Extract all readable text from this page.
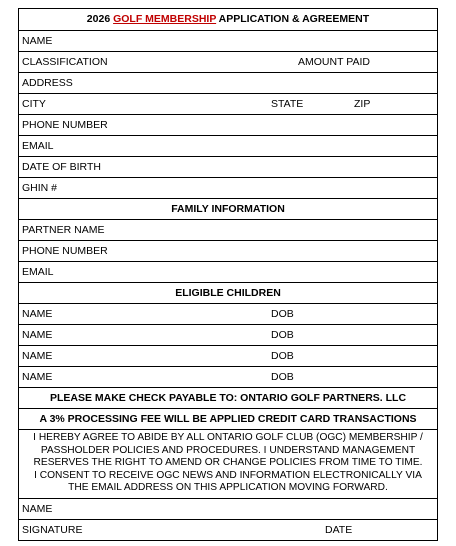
2026 GOLF MEMBERSHIP APPLICATION & AGREEMENT
NAME
CLASSIFICATION	AMOUNT PAID
ADDRESS
CITY	STATE	ZIP
PHONE NUMBER
EMAIL
DATE OF BIRTH
GHIN #
FAMILY INFORMATION
PARTNER NAME
PHONE NUMBER
EMAIL
ELIGIBLE CHILDREN
NAME	DOB
NAME	DOB
NAME	DOB
NAME	DOB
PLEASE MAKE CHECK PAYABLE TO: ONTARIO GOLF PARTNERS. LLC
A 3% PROCESSING FEE WILL BE APPLIED CREDIT CARD TRANSACTIONS
I HEREBY AGREE TO ABIDE BY ALL ONTARIO GOLF CLUB (OGC) MEMBERSHIP /
PASSHOLDER POLICIES AND PROCEDURES. I UNDERSTAND MANAGEMENT
RESERVES THE RIGHT TO AMEND OR CHANGE POLICIES FROM TIME TO TIME.
I CONSENT TO RECEIVE OGC NEWS AND INFORMATION ELECTRONICALLY VIA
THE EMAIL ADDRESS ON THIS APPLICATION MOVING FORWARD.
NAME
SIGNATURE	DATE
